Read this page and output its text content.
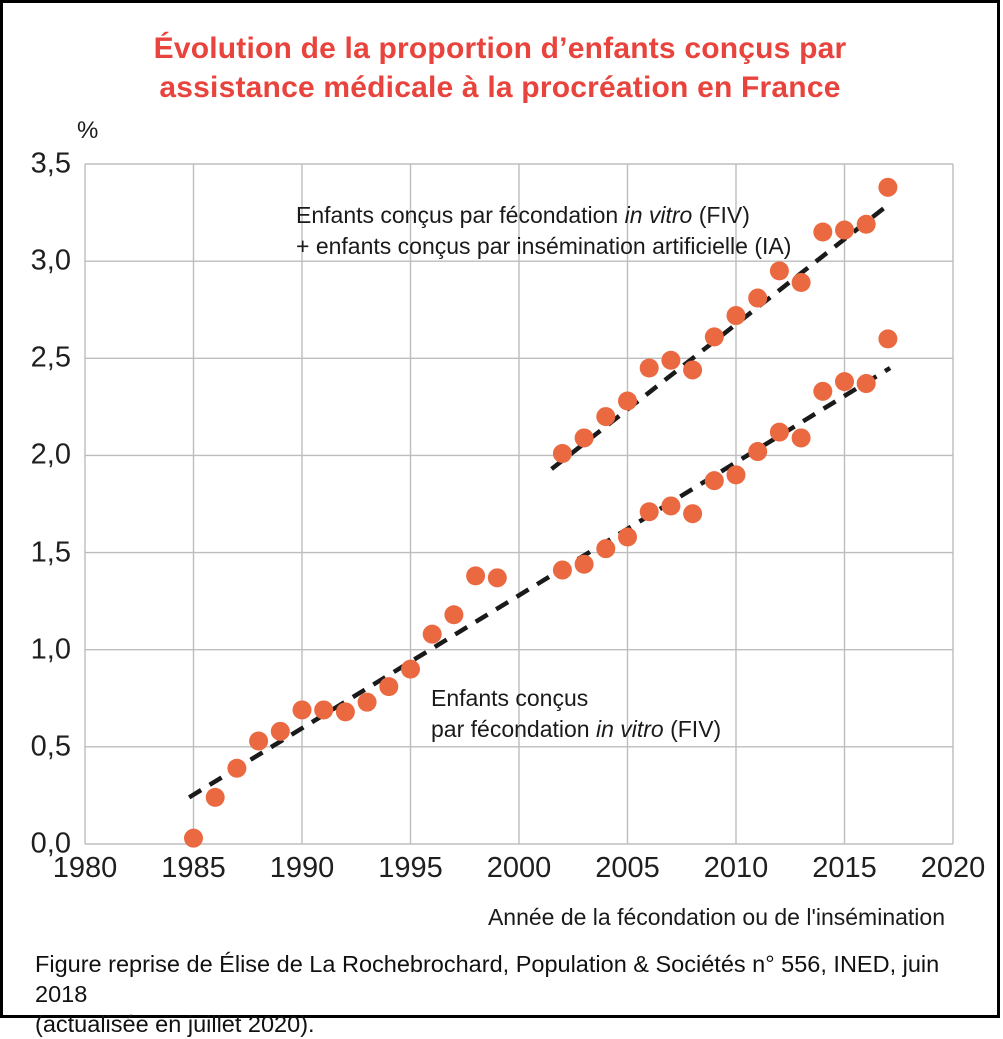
Évolution de la proportion d’enfants conçus par
assistance médicale à la procréation en France
%
Enfants conçus par fécondation in vitro (FIV)
+ enfants conçus par insémination artificielle (IA)
Enfants conçus
par fécondation in vitro (FIV)
Année de la fécondation ou de l'insémination
Figure reprise de Élise de La Rochebrochard, Population & Sociétés n° 556, INED, juin 2018
(actualisée en juillet 2020).
1980 1985 1990 1995 2000 2005 2010 2015 2020
3,5
3,0
2,5
2,0
1,5
1,0
0,5
0,0
